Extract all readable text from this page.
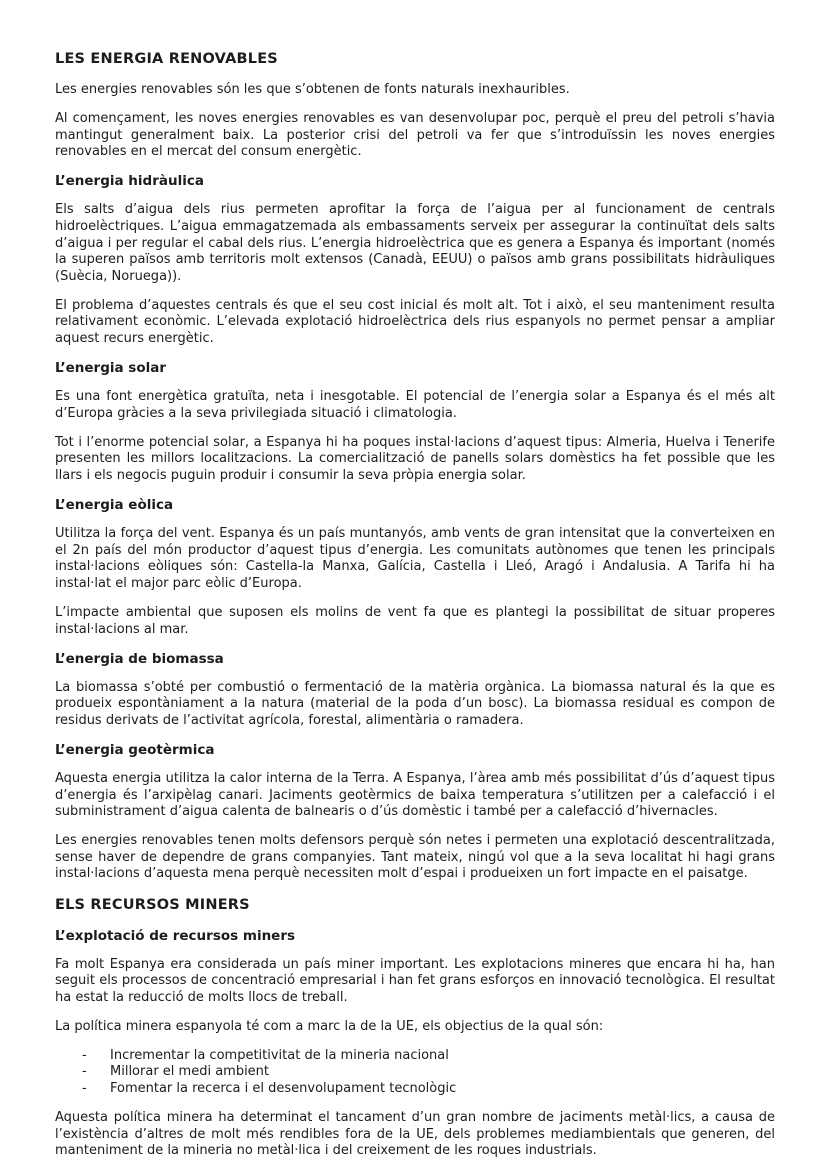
LES ENERGIA RENOVABLES

Les energies renovables són les que s’obtenen de fonts naturals inexhauribles.

Al començament, les noves energies renovables es van desenvolupar poc, perquè el preu del petroli s’havia mantingut generalment baix. La posterior crisi del petroli va fer que s’introduïssin les noves energies renovables en el mercat del consum energètic.

L’energia hidràulica

Els salts d’aigua dels rius permeten aprofitar la força de l’aigua per al funcionament de centrals hidroelèctriques. L’aigua emmagatzemada als embassaments serveix per assegurar la continuïtat dels salts d’aigua i per regular el cabal dels rius. L’energia hidroelèctrica que es genera a Espanya és important (només la superen països amb territoris molt extensos (Canadà, EEUU) o països amb grans possibilitats hidràuliques (Suècia, Noruega)).

El problema d’aquestes centrals és que el seu cost inicial és molt alt. Tot i això, el seu manteniment resulta relativament econòmic. L’elevada explotació hidroelèctrica dels rius espanyols no permet pensar a ampliar aquest recurs energètic.

L’energia solar

Es una font energètica gratuïta, neta i inesgotable. El potencial de l’energia solar a Espanya és el més alt d’Europa gràcies a la seva privilegiada situació i climatologia.

Tot i l’enorme potencial solar, a Espanya hi ha poques instal·lacions d’aquest tipus: Almeria, Huelva i Tenerife presenten les millors localitzacions. La comercialització de panells solars domèstics ha fet possible que les llars i els negocis puguin produir i consumir la seva pròpia energia solar.

L’energia eòlica

Utilitza la força del vent. Espanya és un país muntanyós, amb vents de gran intensitat que la converteixen en el 2n país del món productor d’aquest tipus d’energia. Les comunitats autònomes que tenen les principals instal·lacions eòliques són: Castella-la Manxa, Galícia, Castella i Lleó, Aragó i Andalusia. A Tarifa hi ha instal·lat el major parc eòlic d’Europa.

L’impacte ambiental que suposen els molins de vent fa que es plantegi la possibilitat de situar properes instal·lacions al mar.

L’energia de biomassa

La biomassa s’obté per combustió o fermentació de la matèria orgànica. La biomassa natural és la que es produeix espontàniament a la natura (material de la poda d’un bosc). La biomassa residual es compon de residus derivats de l’activitat agrícola, forestal, alimentària o ramadera.

L’energia geotèrmica

Aquesta energia utilitza la calor interna de la Terra. A Espanya, l’àrea amb més possibilitat d’ús d’aquest tipus d’energia és l’arxipèlag canari. Jaciments geotèrmics de baixa temperatura s’utilitzen per a calefacció i el subministrament d’aigua calenta de balnearis o d’ús domèstic i també per a calefacció d’hivernacles.

Les energies renovables tenen molts defensors perquè són netes i permeten una explotació descentralitzada, sense haver de dependre de grans companyies. Tant mateix, ningú vol que a la seva localitat hi hagi grans instal·lacions d’aquesta mena perquè necessiten molt d’espai i produeixen un fort impacte en el paisatge.

ELS RECURSOS MINERS
L’explotació de recursos miners

Fa molt Espanya era considerada un país miner important. Les explotacions mineres que encara hi ha, han seguit els processos de concentració empresarial i han fet grans esforços en innovació tecnològica. El resultat ha estat la reducció de molts llocs de treball.

La política minera espanyola té com a marc la de la UE, els objectius de la qual són:

- Incrementar la competitivitat de la mineria nacional
- Millorar el medi ambient
- Fomentar la recerca i el desenvolupament tecnològic

Aquesta política minera ha determinat el tancament d’un gran nombre de jaciments metàl·lics, a causa de l’existència d’altres de molt més rendibles fora de la UE, dels problemes mediambientals que generen, del manteniment de la mineria no metàl·lica i del creixement de les roques industrials.
